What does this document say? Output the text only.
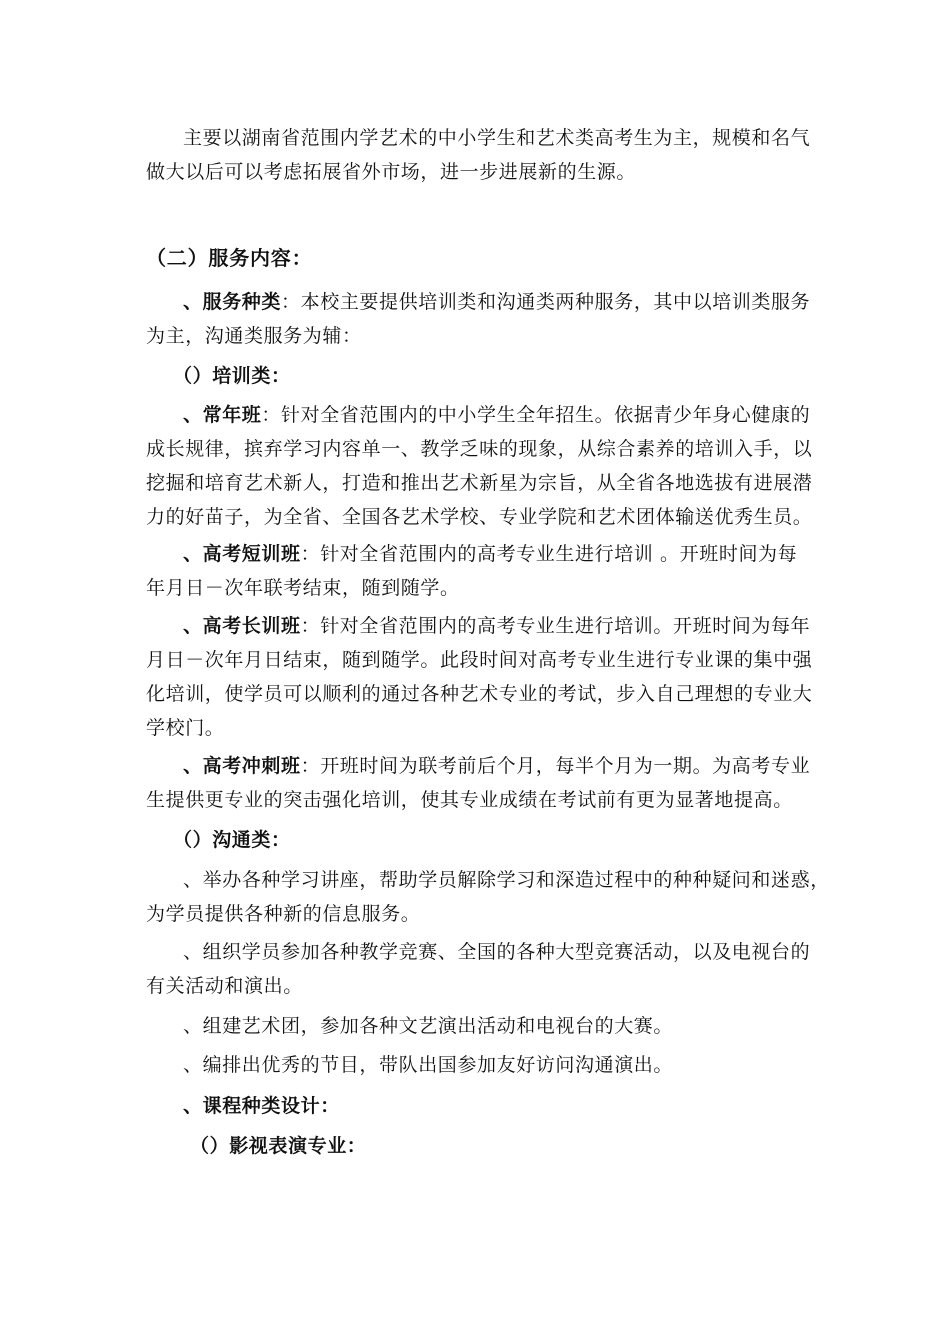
主要以湖南省范围内学艺术的中小学生和艺术类高考生为主，规模和名气
做大以后可以考虑拓展省外市场，进一步进展新的生源。
（二）服务内容：
、服务种类：本校主要提供培训类和沟通类两种服务，其中以培训类服务
为主，沟通类服务为辅：
（）培训类：
、常年班：针对全省范围内的中小学生全年招生。依据青少年身心健康的
成长规律，摈弃学习内容单一、教学乏味的现象，从综合素养的培训入手，以
挖掘和培育艺术新人，打造和推出艺术新星为宗旨，从全省各地选拔有进展潜
力的好苗子，为全省、全国各艺术学校、专业学院和艺术团体输送优秀生员。
、高考短训班：针对全省范围内的高考专业生进行培训 。开班时间为每
年月日－次年联考结束，随到随学。
、高考长训班：针对全省范围内的高考专业生进行培训。开班时间为每年
月日－次年月日结束，随到随学。此段时间对高考专业生进行专业课的集中强
化培训，使学员可以顺利的通过各种艺术专业的考试，步入自己理想的专业大
学校门。
、高考冲刺班：开班时间为联考前后个月，每半个月为一期。为高考专业
生提供更专业的突击强化培训，使其专业成绩在考试前有更为显著地提高。
（）沟通类：
、举办各种学习讲座，帮助学员解除学习和深造过程中的种种疑问和迷惑，
为学员提供各种新的信息服务。
、组织学员参加各种教学竞赛、全国的各种大型竞赛活动，以及电视台的
有关活动和演出。
、组建艺术团，参加各种文艺演出活动和电视台的大赛。
、编排出优秀的节目，带队出国参加友好访问沟通演出。
、课程种类设计：
（）影视表演专业：
